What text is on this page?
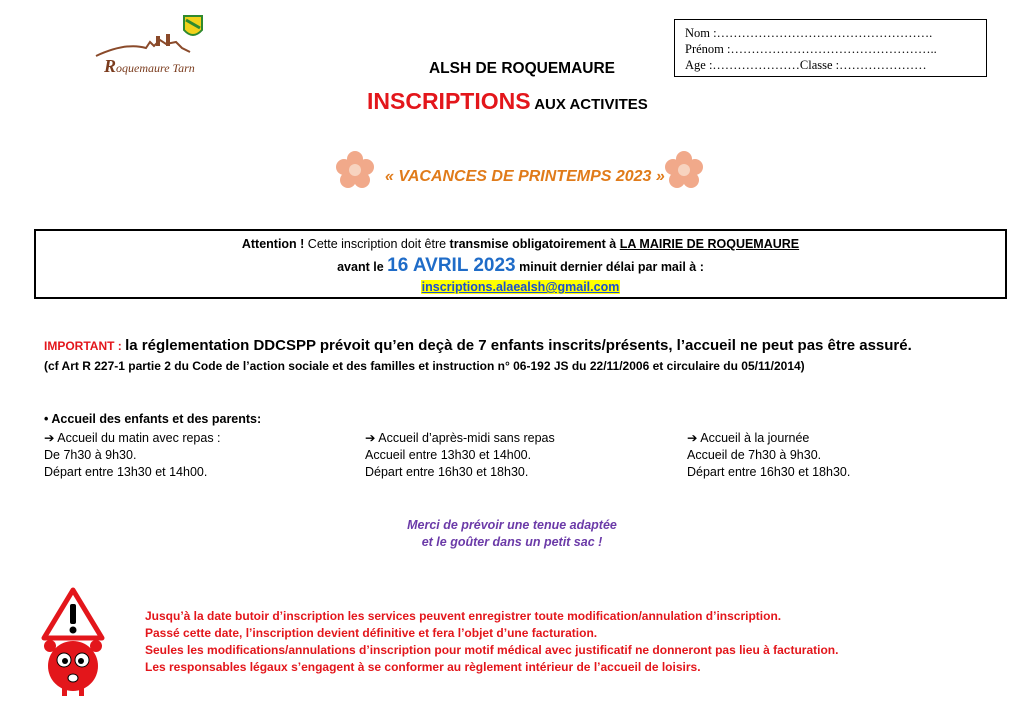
Roquemaure Tarn
Nom :…………………………………………….
Prénom :…………………………………………..
Age :…………………Classe :…………………
ALSH DE ROQUEMAURE
INSCRIPTIONS AUX ACTIVITES
« VACANCES DE PRINTEMPS 2023 »
Attention ! Cette inscription doit être transmise obligatoirement à LA MAIRIE DE ROQUEMAURE
avant le 16 AVRIL 2023 minuit dernier délai par mail à :
inscriptions.alaealsh@gmail.com
IMPORTANT : la réglementation DDCSPP prévoit qu’en deçà de 7 enfants inscrits/présents, l’accueil ne peut pas être assuré.
(cf Art R 227-1 partie 2 du Code de l’action sociale et des familles et instruction n° 06-192 JS du 22/11/2006 et circulaire du 05/11/2014)
• Accueil des enfants et des parents:
➔ Accueil du matin avec repas :
De 7h30 à 9h30.
Départ entre 13h30 et 14h00.
➔ Accueil d’après-midi sans repas
Accueil entre 13h30 et 14h00.
Départ entre 16h30 et 18h30.
➔ Accueil à la journée
Accueil de 7h30 à 9h30.
Départ entre 16h30 et 18h30.
Merci de prévoir une tenue adaptée
et le goûter dans un petit sac !
Jusqu’à la date butoir d’inscription les services peuvent enregistrer toute modification/annulation d’inscription.
Passé cette date, l’inscription devient définitive et fera l’objet d’une facturation.
Seules les modifications/annulations d’inscription pour motif médical avec justificatif ne donneront pas lieu à facturation.
Les responsables légaux s’engagent à se conformer au règlement intérieur de l’accueil de loisirs.
